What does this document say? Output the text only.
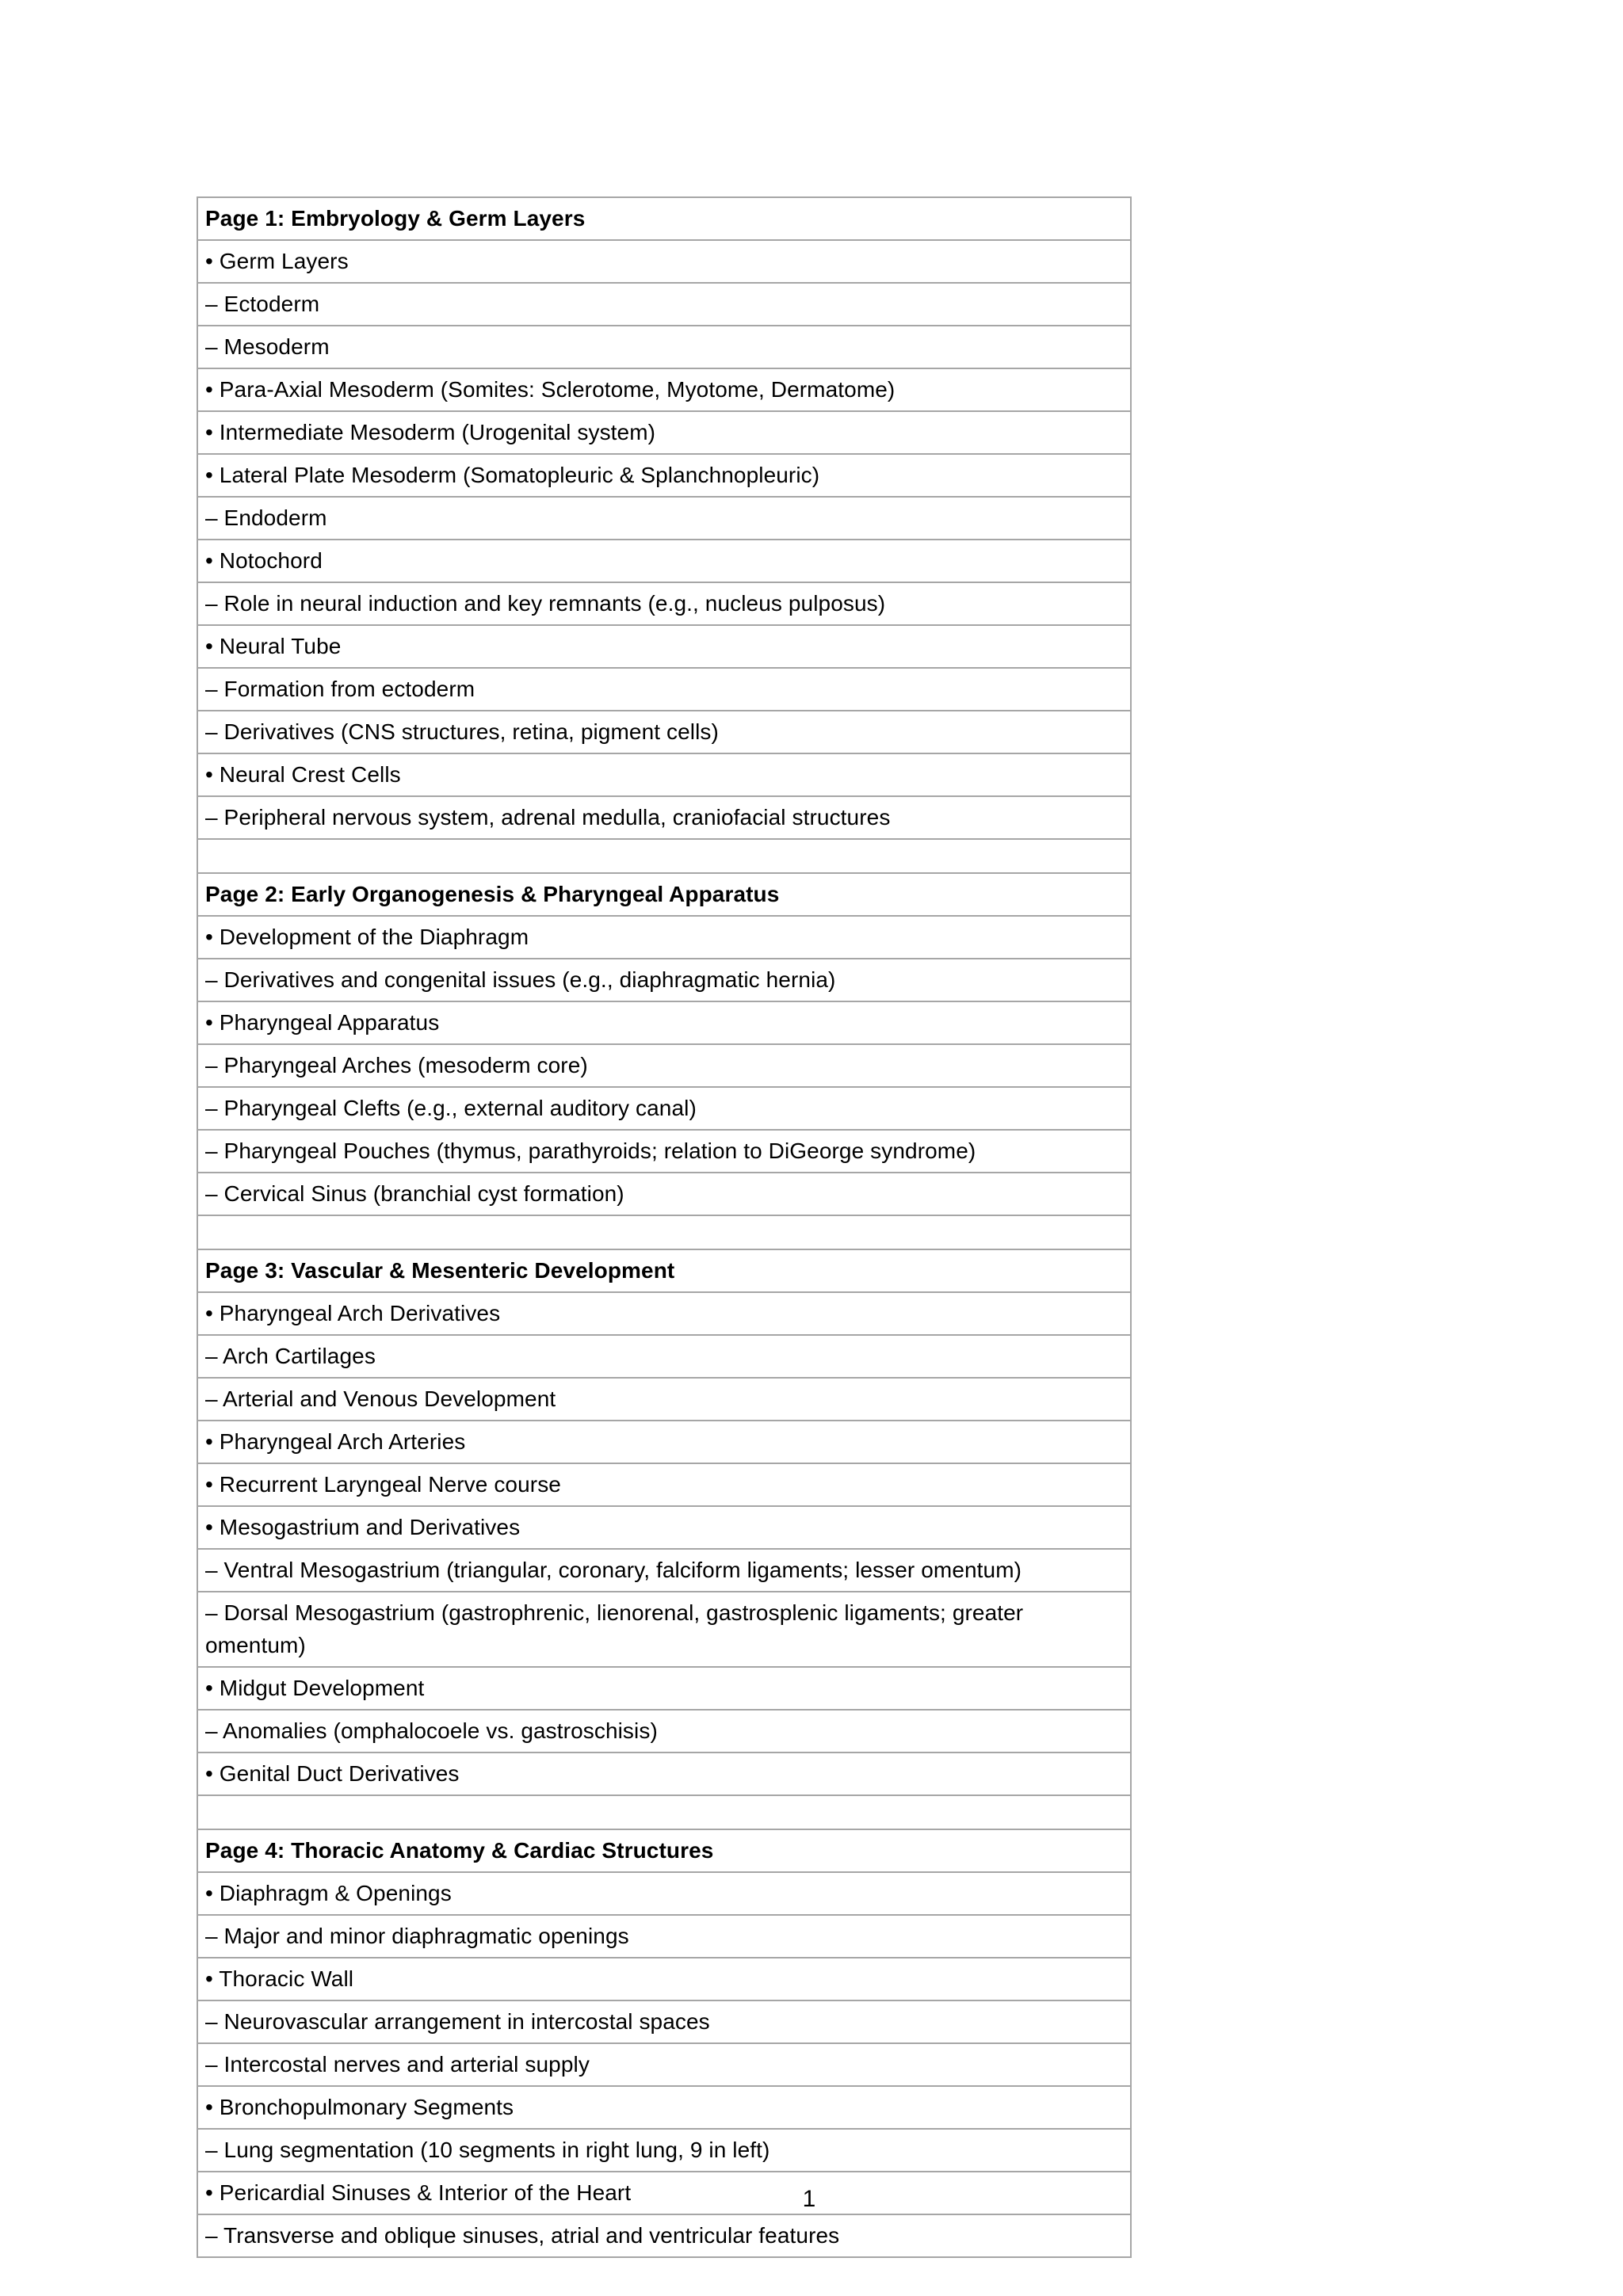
Page 1: Embryology & Germ Layers
• Germ Layers
– Ectoderm
– Mesoderm
• Para-Axial Mesoderm (Somites: Sclerotome, Myotome, Dermatome)
• Intermediate Mesoderm (Urogenital system)
• Lateral Plate Mesoderm (Somatopleuric & Splanchnopleuric)
– Endoderm
• Notochord
– Role in neural induction and key remnants (e.g., nucleus pulposus)
• Neural Tube
– Formation from ectoderm
– Derivatives (CNS structures, retina, pigment cells)
• Neural Crest Cells
– Peripheral nervous system, adrenal medulla, craniofacial structures

Page 2: Early Organogenesis & Pharyngeal Apparatus
• Development of the Diaphragm
– Derivatives and congenital issues (e.g., diaphragmatic hernia)
• Pharyngeal Apparatus
– Pharyngeal Arches (mesoderm core)
– Pharyngeal Clefts (e.g., external auditory canal)
– Pharyngeal Pouches (thymus, parathyroids; relation to DiGeorge syndrome)
– Cervical Sinus (branchial cyst formation)

Page 3: Vascular & Mesenteric Development
• Pharyngeal Arch Derivatives
– Arch Cartilages
– Arterial and Venous Development
• Pharyngeal Arch Arteries
• Recurrent Laryngeal Nerve course
• Mesogastrium and Derivatives
– Ventral Mesogastrium (triangular, coronary, falciform ligaments; lesser omentum)
– Dorsal Mesogastrium (gastrophrenic, lienorenal, gastrosplenic ligaments; greater omentum)
• Midgut Development
– Anomalies (omphalocoele vs. gastroschisis)
• Genital Duct Derivatives

Page 4: Thoracic Anatomy & Cardiac Structures
• Diaphragm & Openings
– Major and minor diaphragmatic openings
• Thoracic Wall
– Neurovascular arrangement in intercostal spaces
– Intercostal nerves and arterial supply
• Bronchopulmonary Segments
– Lung segmentation (10 segments in right lung, 9 in left)
• Pericardial Sinuses & Interior of the Heart
– Transverse and oblique sinuses, atrial and ventricular features
1
